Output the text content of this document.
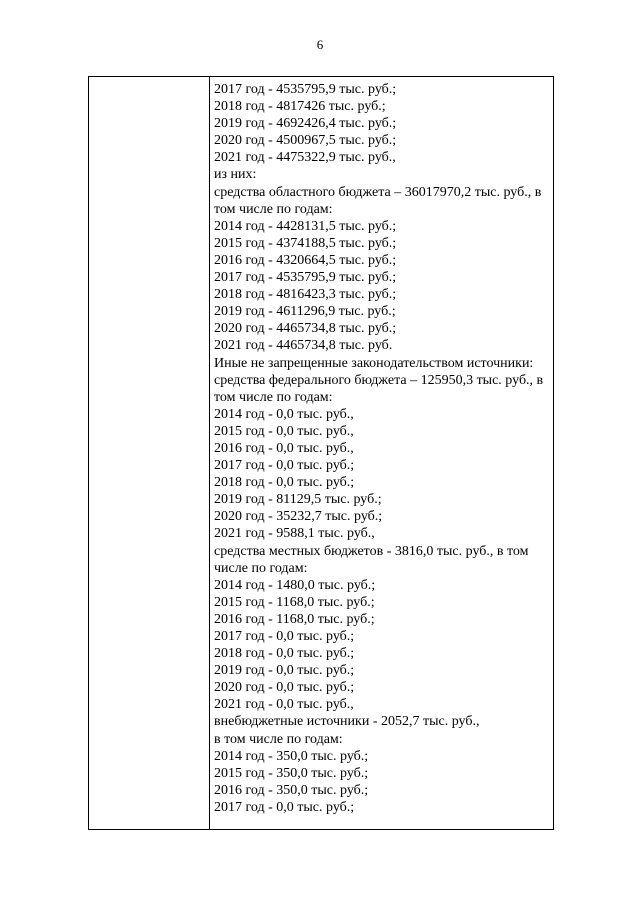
6
2017 год - 4535795,9 тыс. руб.;
2018 год - 4817426 тыс. руб.;
2019 год - 4692426,4 тыс. руб.;
2020 год - 4500967,5 тыс. руб.;
2021 год - 4475322,9 тыс. руб.,
из них:
средства областного бюджета – 36017970,2 тыс. руб., в
том числе по годам:
2014 год - 4428131,5 тыс. руб.;
2015 год - 4374188,5 тыс. руб.;
2016 год - 4320664,5 тыс. руб.;
2017 год - 4535795,9 тыс. руб.;
2018 год - 4816423,3 тыс. руб.;
2019 год - 4611296,9 тыс. руб.;
2020 год - 4465734,8 тыс. руб.;
2021 год - 4465734,8 тыс. руб.
Иные не запрещенные законодательством источники:
средства федерального бюджета – 125950,3 тыс. руб., в
том числе по годам:
2014 год - 0,0 тыс. руб.,
2015 год - 0,0 тыс. руб.,
2016 год - 0,0 тыс. руб.,
2017 год - 0,0 тыс. руб.;
2018 год - 0,0 тыс. руб.;
2019 год - 81129,5 тыс. руб.;
2020 год - 35232,7 тыс. руб.;
2021 год - 9588,1 тыс. руб.,
средства местных бюджетов - 3816,0 тыс. руб., в том
числе по годам:
2014 год - 1480,0 тыс. руб.;
2015 год - 1168,0 тыс. руб.;
2016 год - 1168,0 тыс. руб.;
2017 год - 0,0 тыс. руб.;
2018 год - 0,0 тыс. руб.;
2019 год - 0,0 тыс. руб.;
2020 год - 0,0 тыс. руб.;
2021 год - 0,0 тыс. руб.,
внебюджетные источники - 2052,7 тыс. руб.,
в том числе по годам:
2014 год - 350,0 тыс. руб.;
2015 год - 350,0 тыс. руб.;
2016 год - 350,0 тыс. руб.;
2017 год - 0,0 тыс. руб.;
